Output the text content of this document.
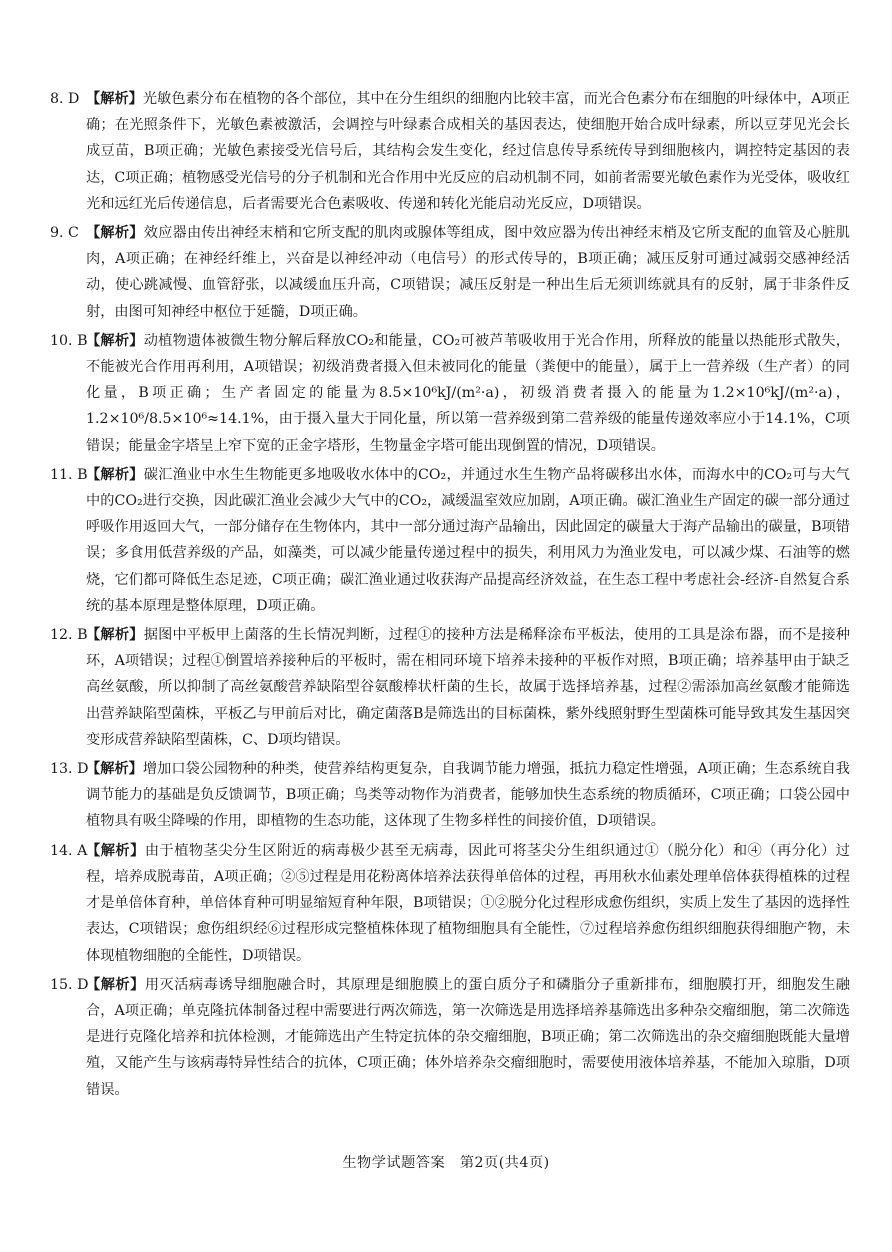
8. D 【解析】光敏色素分布在植物的各个部位，其中在分生组织的细胞内比较丰富，而光合色素分布在细胞的叶绿体中，A项正确；在光照条件下，光敏色素被激活，会调控与叶绿素合成相关的基因表达，使细胞开始合成叶绿素，所以豆芽见光会长成豆苗，B项正确；光敏色素接受光信号后，其结构会发生变化，经过信息传导系统传导到细胞核内，调控特定基因的表达，C项正确；植物感受光信号的分子机制和光合作用中光反应的启动机制不同，如前者需要光敏色素作为光受体，吸收红光和远红光后传递信息，后者需要光合色素吸收、传递和转化光能启动光反应，D项错误。
9. C 【解析】效应器由传出神经末梢和它所支配的肌肉或腺体等组成，图中效应器为传出神经末梢及它所支配的血管及心脏肌肉，A项正确；在神经纤维上，兴奋是以神经冲动（电信号）的形式传导的，B项正确；减压反射可通过减弱交感神经活动，使心跳减慢、血管舒张，以减缓血压升高，C项错误；减压反射是一种出生后无须训练就具有的反射，属于非条件反射，由图可知神经中枢位于延髓，D项正确。
10. B
【解析】动植物遗体被微生物分解后释放CO₂和能量，CO₂可被芦苇吸收用于光合作用，所释放的能量以热能形式散失，不能被光合作用再利用，A项错误；初级消费者摄入但未被同化的能量（粪便中的能量），属于上一营养级（生产者）的同化量，B项正确；生产者固定的能量为8.5×10⁶kJ/(m²·a)，初级消费者摄入的能量为1.2×10⁶kJ/(m²·a)，1.2×10⁶/8.5×10⁶≈14.1%，由于摄入量大于同化量，所以第一营养级到第二营养级的能量传递效率应小于14.1%，C项错误；能量金字塔呈上窄下宽的正金字塔形，生物量金字塔可能出现倒置的情况，D项错误。
11. B
【解析】碳汇渔业中水生生物能更多地吸收水体中的CO₂，并通过水生生物产品将碳移出水体，而海水中的CO₂可与大气中的CO₂进行交换，因此碳汇渔业会减少大气中的CO₂，减缓温室效应加剧，A项正确。碳汇渔业生产固定的碳一部分通过呼吸作用返回大气，一部分储存在生物体内，其中一部分通过海产品输出，因此固定的碳量大于海产品输出的碳量，B项错误；多食用低营养级的产品，如藻类，可以减少能量传递过程中的损失，利用风力为渔业发电，可以减少煤、石油等的燃烧，它们都可降低生态足迹，C项正确；碳汇渔业通过收获海产品提高经济效益，在生态工程中考虑社会-经济-自然复合系统的基本原理是整体原理，D项正确。
12. B
【解析】据图中平板甲上菌落的生长情况判断，过程①的接种方法是稀释涂布平板法，使用的工具是涂布器，而不是接种环，A项错误；过程①倒置培养接种后的平板时，需在相同环境下培养未接种的平板作对照，B项正确；培养基甲由于缺乏高丝氨酸，所以抑制了高丝氨酸营养缺陷型谷氨酸棒状杆菌的生长，故属于选择培养基，过程②需添加高丝氨酸才能筛选出营养缺陷型菌株，平板乙与甲前后对比，确定菌落B是筛选出的目标菌株，紫外线照射野生型菌株可能导致其发生基因突变形成营养缺陷型菌株，C、D项均错误。
13. D
【解析】增加口袋公园物种的种类，使营养结构更复杂，自我调节能力增强，抵抗力稳定性增强，A项正确；生态系统自我调节能力的基础是负反馈调节，B项正确；鸟类等动物作为消费者，能够加快生态系统的物质循环，C项正确；口袋公园中植物具有吸尘降噪的作用，即植物的生态功能，这体现了生物多样性的间接价值，D项错误。
14. A
【解析】由于植物茎尖分生区附近的病毒极少甚至无病毒，因此可将茎尖分生组织通过①（脱分化）和④（再分化）过程，培养成脱毒苗，A项正确；②⑤过程是用花粉离体培养法获得单倍体的过程，再用秋水仙素处理单倍体获得植株的过程才是单倍体育种，单倍体育种可明显缩短育种年限，B项错误；①②脱分化过程形成愈伤组织，实质上发生了基因的选择性表达，C项错误；愈伤组织经⑥过程形成完整植株体现了植物细胞具有全能性，⑦过程培养愈伤组织细胞获得细胞产物，未体现植物细胞的全能性，D项错误。
15. D
【解析】用灭活病毒诱导细胞融合时，其原理是细胞膜上的蛋白质分子和磷脂分子重新排布，细胞膜打开，细胞发生融合，A项正确；单克隆抗体制备过程中需要进行两次筛选，第一次筛选是用选择培养基筛选出多种杂交瘤细胞，第二次筛选是进行克隆化培养和抗体检测，才能筛选出产生特定抗体的杂交瘤细胞，B项正确；第二次筛选出的杂交瘤细胞既能大量增殖，又能产生与该病毒特异性结合的抗体，C项正确；体外培养杂交瘤细胞时，需要使用液体培养基，不能加入琼脂，D项错误。
生物学试题答案　第2页(共4页)
